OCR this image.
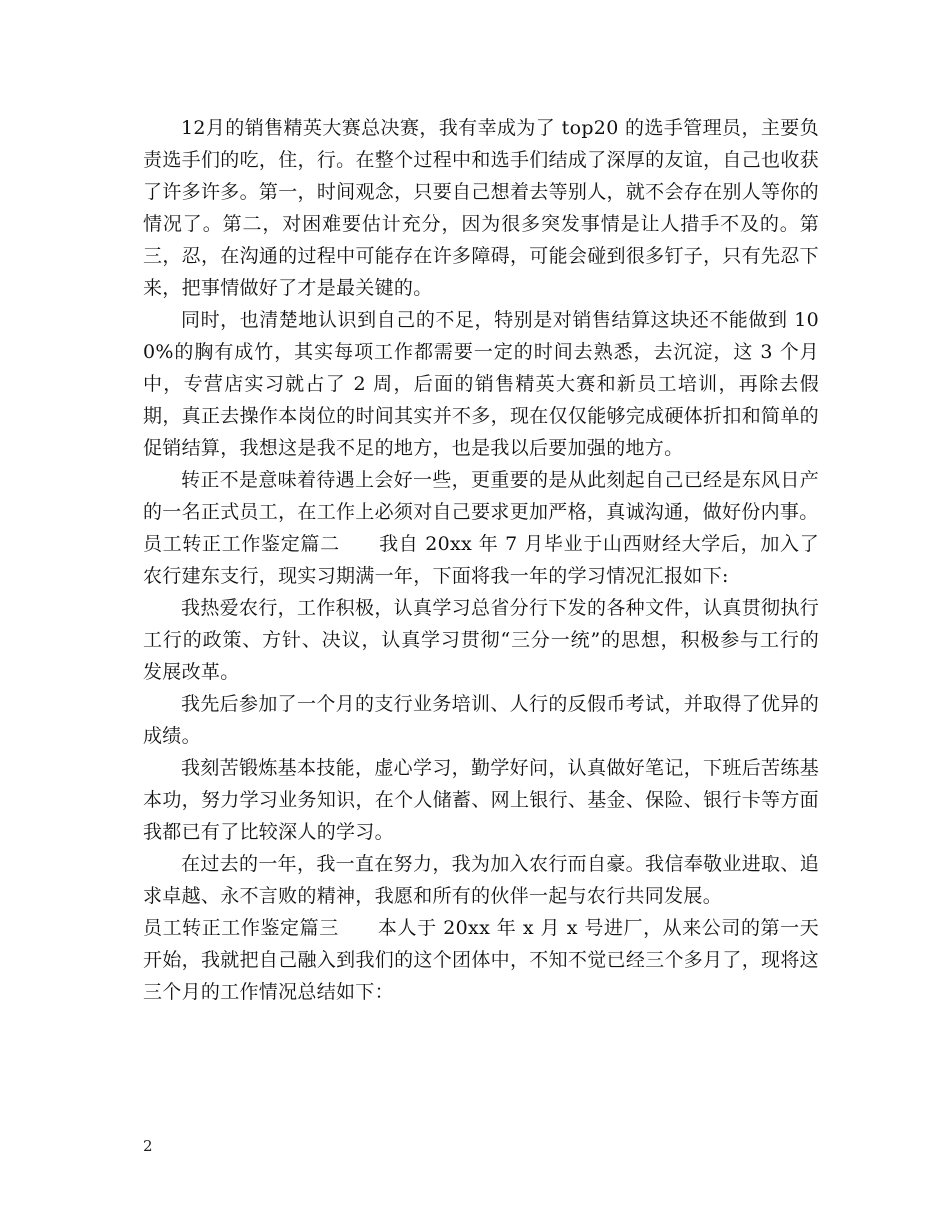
12月的销售精英大赛总决赛，我有幸成为了 top20 的选手管理员，主要负责选手们的吃，住，行。在整个过程中和选手们结成了深厚的友谊，自己也收获了许多许多。第一，时间观念，只要自己想着去等别人，就不会存在别人等你的情况了。第二，对困难要估计充分，因为很多突发事情是让人措手不及的。第三，忍，在沟通的过程中可能存在许多障碍，可能会碰到很多钉子，只有先忍下来，把事情做好了才是最关键的。

同时，也清楚地认识到自己的不足，特别是对销售结算这块还不能做到 100%的胸有成竹，其实每项工作都需要一定的时间去熟悉，去沉淀，这 3 个月中，专营店实习就占了 2 周，后面的销售精英大赛和新员工培训，再除去假期，真正去操作本岗位的时间其实并不多，现在仅仅能够完成硬体折扣和简单的促销结算，我想这是我不足的地方，也是我以后要加强的地方。

转正不是意味着待遇上会好一些，更重要的是从此刻起自己已经是东风日产的一名正式员工，在工作上必须对自己要求更加严格，真诚沟通，做好份内事。

员工转正工作鉴定篇二　　我自 20xx 年 7 月毕业于山西财经大学后，加入了农行建东支行，现实习期满一年，下面将我一年的学习情况汇报如下:

我热爱农行，工作积极，认真学习总省分行下发的各种文件，认真贯彻执行工行的政策、方针、决议，认真学习贯彻“三分一统”的思想，积极参与工行的发展改革。

我先后参加了一个月的支行业务培训、人行的反假币考试，并取得了优异的成绩。

我刻苦锻炼基本技能，虚心学习，勤学好问，认真做好笔记，下班后苦练基本功，努力学习业务知识，在个人储蓄、网上银行、基金、保险、银行卡等方面我都已有了比较深人的学习。

在过去的一年，我一直在努力，我为加入农行而自豪。我信奉敬业进取、追求卓越、永不言败的精神，我愿和所有的伙伴一起与农行共同发展。

员工转正工作鉴定篇三　　本人于 20xx 年 x 月 x 号进厂，从来公司的第一天开始，我就把自己融入到我们的这个团体中，不知不觉已经三个多月了，现将这三个月的工作情况总结如下：

2
